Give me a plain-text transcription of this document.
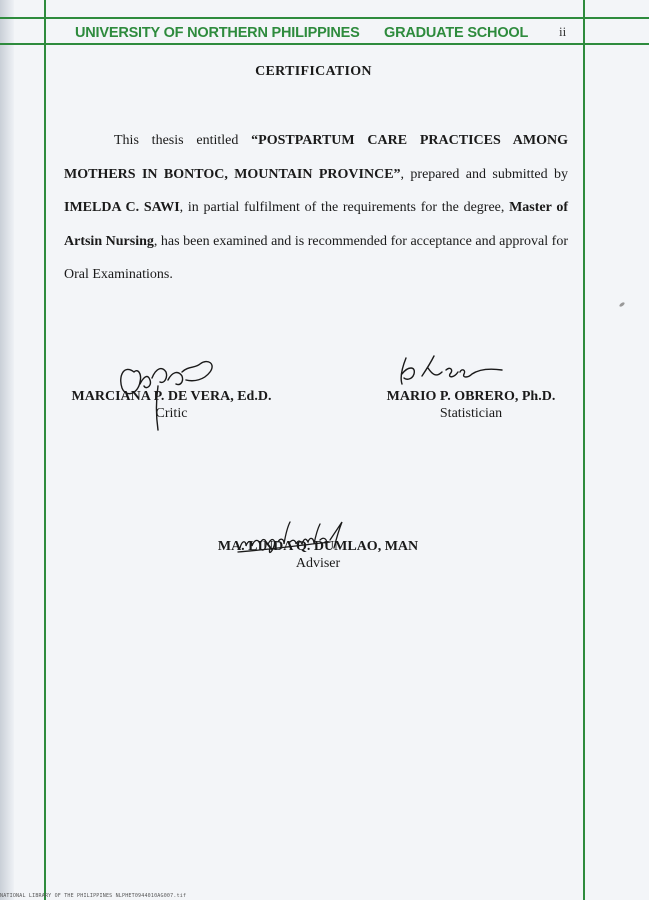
UNIVERSITY OF NORTHERN PHILIPPINES GRADUATE SCHOOL ii
CERTIFICATION
This thesis entitled “POSTPARTUM CARE PRACTICES AMONG MOTHERS IN BONTOC, MOUNTAIN PROVINCE”, prepared and submitted by IMELDA C. SAWI, in partial fulfilment of the requirements for the degree, Master of Artsin Nursing, has been examined and is recommended for acceptance and approval for Oral Examinations.
MARCIANA P. DE VERA, Ed.D.
Critic
MARIO P. OBRERO, Ph.D.
Statistician
MA. LINDA Q. DUMLAO, MAN
Adviser
NATIONAL LIBRARY OF THE PHILIPPINES NLPHET0944010AG007.tif
